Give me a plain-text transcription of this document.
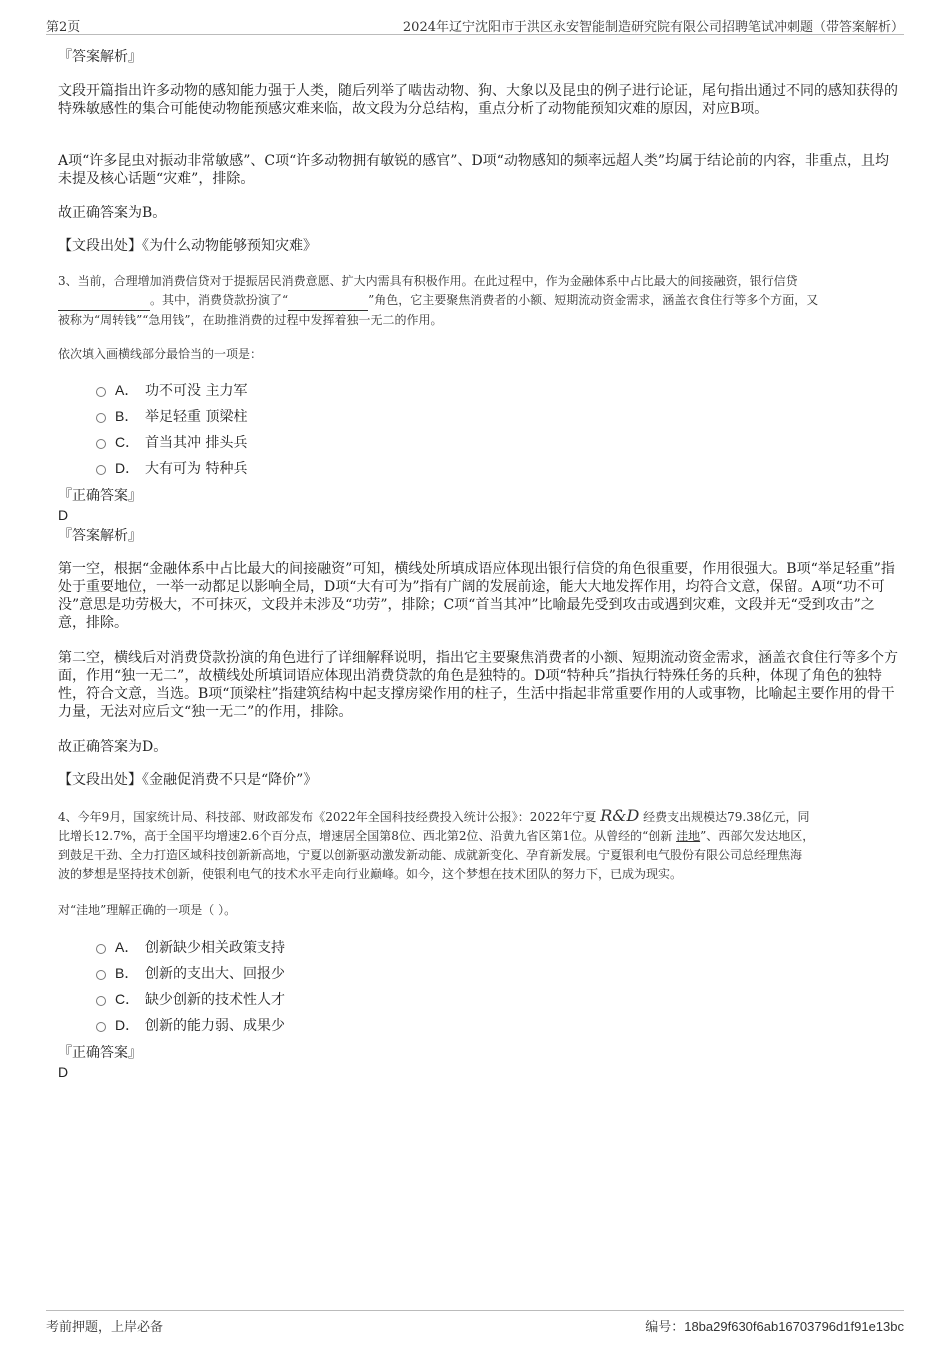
第2页	2024年辽宁沈阳市于洪区永安智能制造研究院有限公司招聘笔试冲刺题（带答案解析）
『答案解析』
文段开篇指出许多动物的感知能力强于人类，随后列举了啮齿动物、狗、大象以及昆虫的例子进行论证，尾句指出通过不同的感知获得的特殊敏感性的集合可能使动物能预感灾难来临，故文段为分总结构，重点分析了动物能预知灾难的原因，对应B项。
A项“许多昆虫对振动非常敏感”、C项“许多动物拥有敏锐的感官”、D项“动物感知的频率远超人类”均属于结论前的内容，非重点，且均未提及核心话题“灾难”，排除。
故正确答案为B。
【文段出处】《为什么动物能够预知灾难》
3、当前，合理增加消费信贷对于提振居民消费意愿、扩大内需具有积极作用。在此过程中，作为金融体系中占比最大的间接融资，银行信贷
。其中，消费贷款扮演了“	”角色，它主要聚焦消费者的小额、短期流动资金需求，涵盖衣食住行等多个方面，又
被称为“周转钱”“急用钱”，在助推消费的过程中发挥着独一无二的作用。
依次填入画横线部分最恰当的一项是：
A． 功不可没 主力军
B． 举足轻重 顶梁柱
C． 首当其冲 排头兵
D． 大有可为 特种兵
『正确答案』
D
『答案解析』
第一空，根据“金融体系中占比最大的间接融资”可知，横线处所填成语应体现出银行信贷的角色很重要，作用很强大。B项“举足轻重”指处于重要地位，一举一动都足以影响全局，D项“大有可为”指有广阔的发展前途，能大大地发挥作用，均符合文意，保留。A项“功不可没”意思是功劳极大，不可抹灭，文段并未涉及“功劳”，排除；C项“首当其冲”比喻最先受到攻击或遇到灾难，文段并无“受到攻击”之意，排除。
第二空，横线后对消费贷款扮演的角色进行了详细解释说明，指出它主要聚焦消费者的小额、短期流动资金需求，涵盖衣食住行等多个方面，作用“独一无二”，故横线处所填词语应体现出消费贷款的角色是独特的。D项“特种兵”指执行特殊任务的兵种，体现了角色的独特性，符合文意，当选。B项“顶梁柱”指建筑结构中起支撑房梁作用的柱子，生活中指起非常重要作用的人或事物，比喻起主要作用的骨干力量，无法对应后文“独一无二”的作用，排除。
故正确答案为D。
【文段出处】《金融促消费不只是“降价”》
4、今年9月，国家统计局、科技部、财政部发布《2022年全国科技经费投入统计公报》：2022年宁夏 R&D 经费支出规模达79.38亿元，同
比增长12.7%，高于全国平均增速2.6个百分点，增速居全国第8位、西北第2位、沿黄九省区第1位。从曾经的“创新 洼地”、西部欠发达地区，
到鼓足干劲、全力打造区域科技创新新高地，宁夏以创新驱动激发新动能、成就新变化、孕育新发展。宁夏银利电气股份有限公司总经理焦海
波的梦想是坚持技术创新，使银利电气的技术水平走向行业巅峰。如今，这个梦想在技术团队的努力下，已成为现实。
对“洼地”理解正确的一项是（ ）。
A． 创新缺少相关政策支持
B． 创新的支出大、回报少
C． 缺少创新的技术性人才
D． 创新的能力弱、成果少
『正确答案』
D
考前押题，上岸必备	编号：18ba29f630f6ab16703796d1f91e13bc
